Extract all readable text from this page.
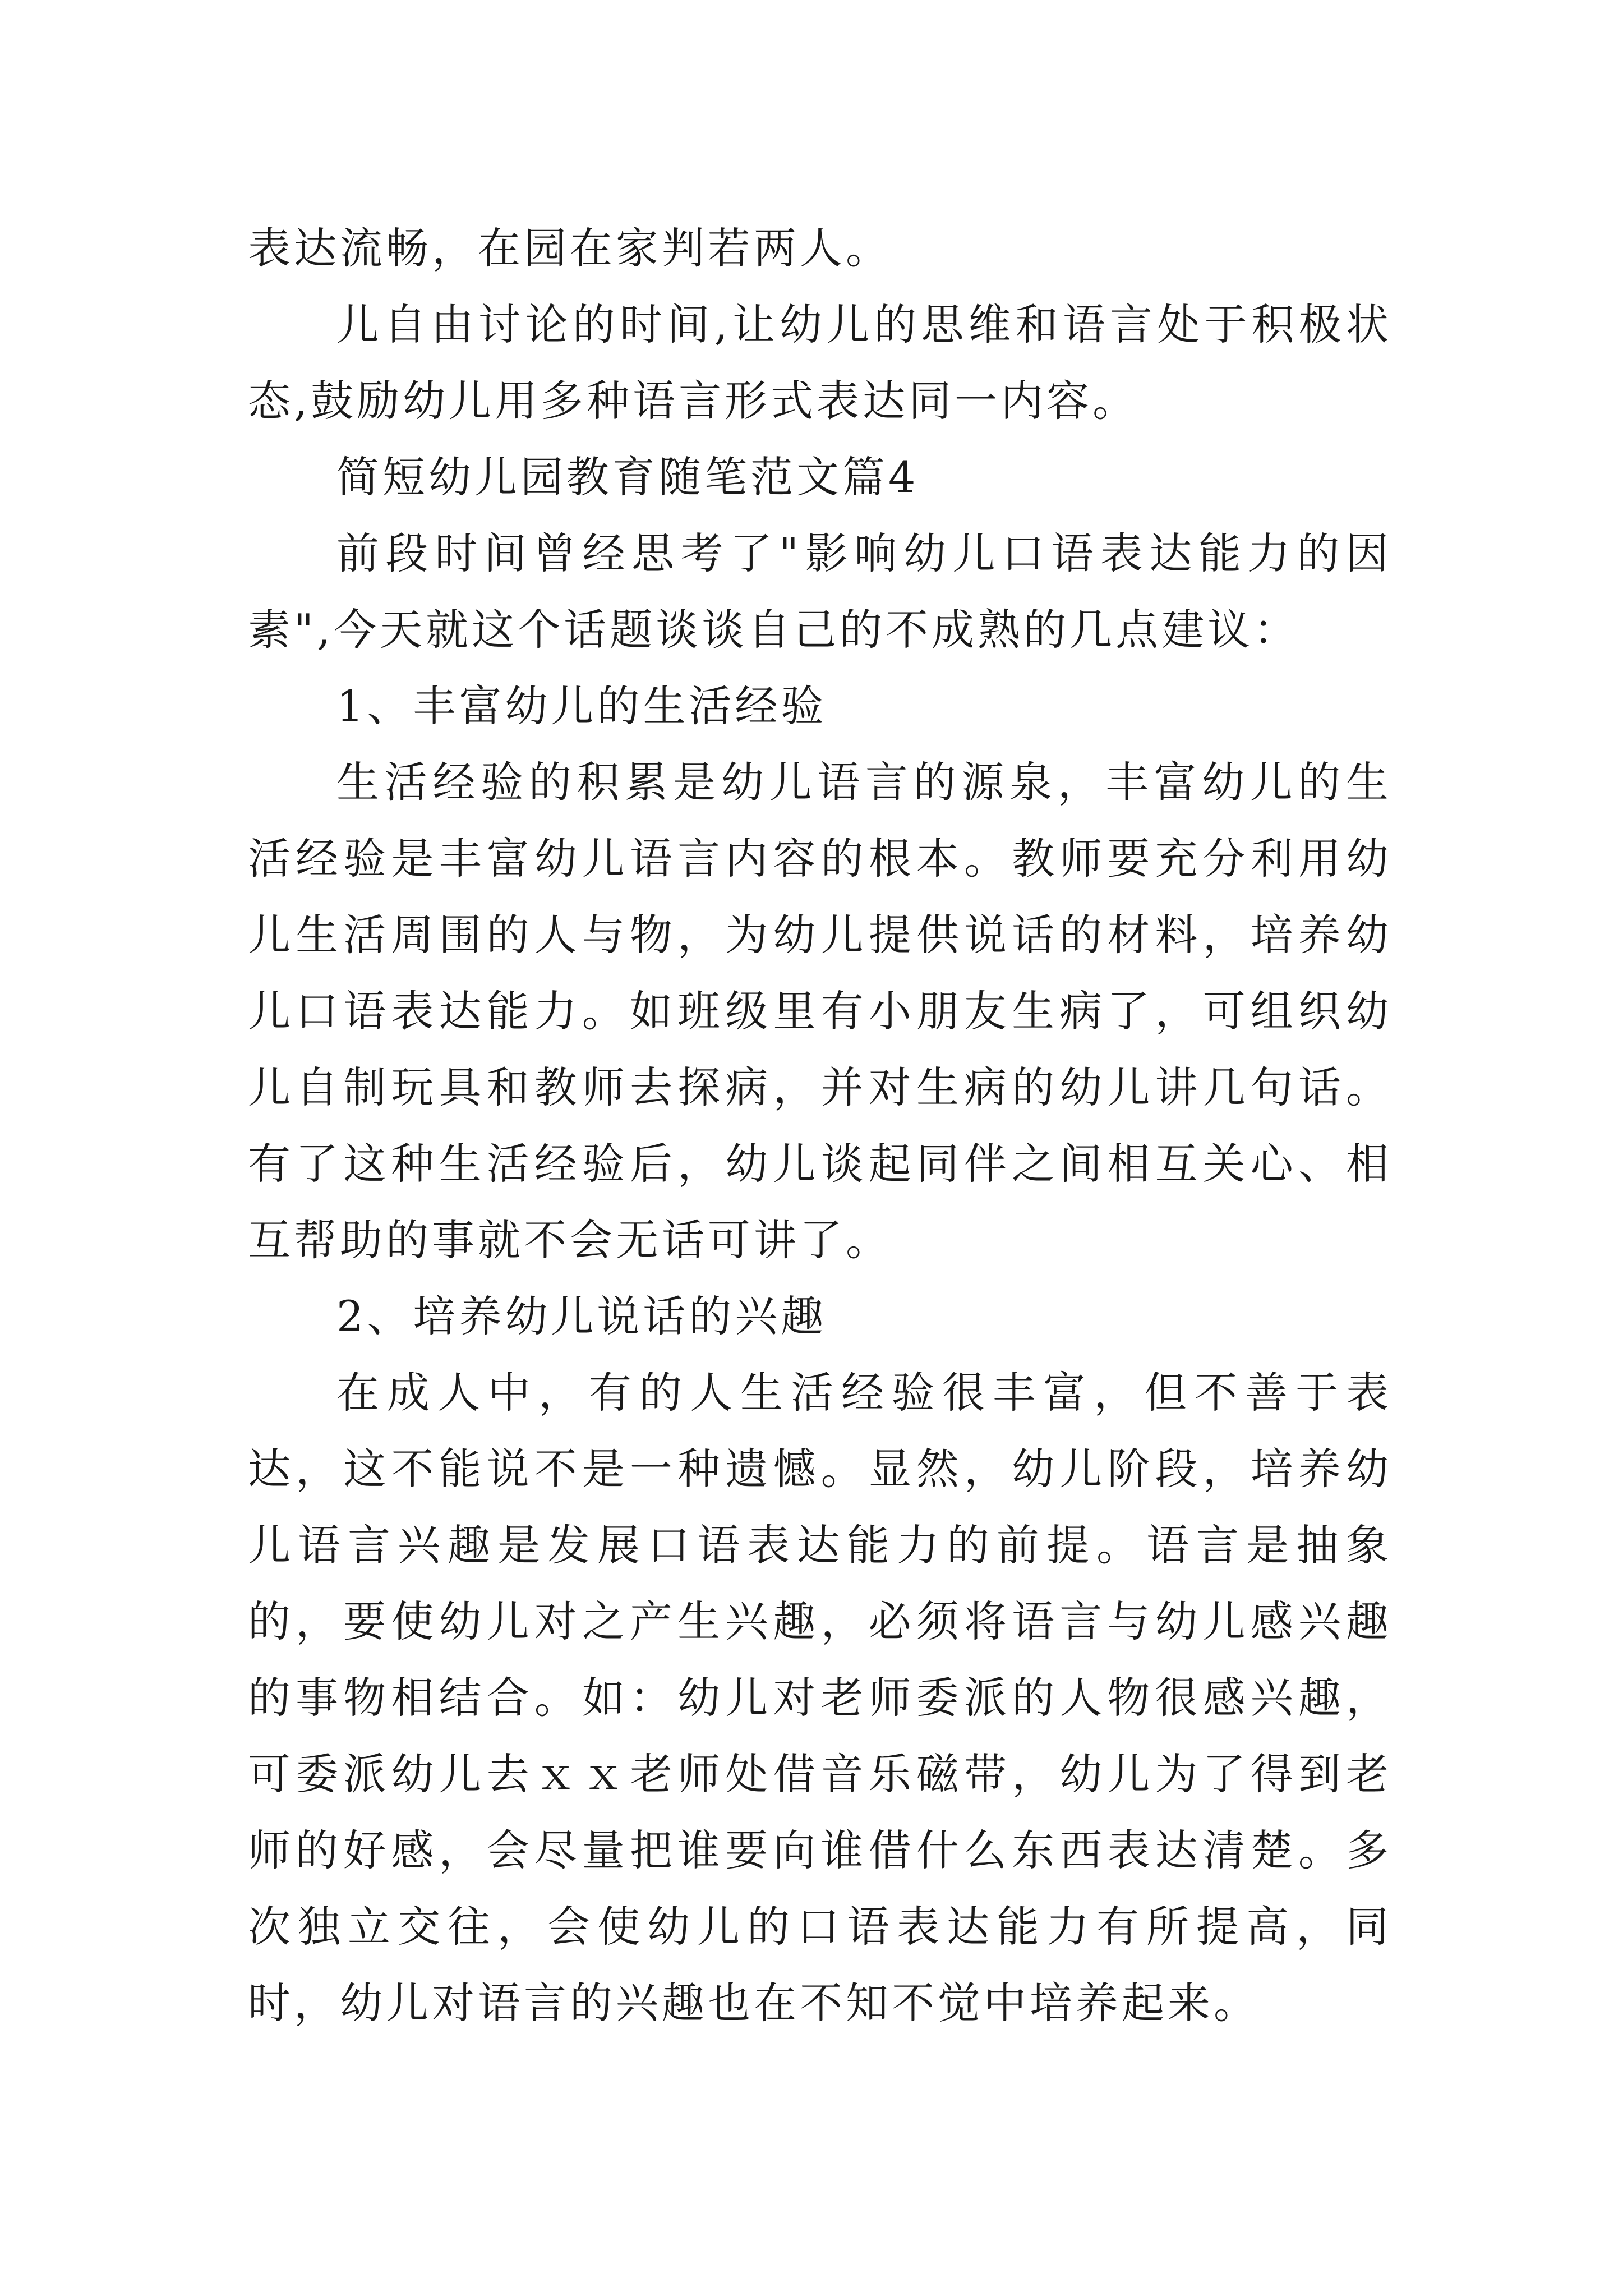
表达流畅，在园在家判若两人。

儿自由讨论的时间,让幼儿的思维和语言处于积极状态,鼓励幼儿用多种语言形式表达同一内容。

简短幼儿园教育随笔范文篇4

前段时间曾经思考了"影响幼儿口语表达能力的因素",今天就这个话题谈谈自己的不成熟的几点建议：

1、丰富幼儿的生活经验

生活经验的积累是幼儿语言的源泉，丰富幼儿的生活经验是丰富幼儿语言内容的根本。教师要充分利用幼儿生活周围的人与物，为幼儿提供说话的材料，培养幼儿口语表达能力。如班级里有小朋友生病了，可组织幼儿自制玩具和教师去探病，并对生病的幼儿讲几句话。有了这种生活经验后，幼儿谈起同伴之间相互关心、相互帮助的事就不会无话可讲了。

2、培养幼儿说话的兴趣

在成人中，有的人生活经验很丰富，但不善于表达，这不能说不是一种遗憾。显然，幼儿阶段，培养幼儿语言兴趣是发展口语表达能力的前提。语言是抽象的，要使幼儿对之产生兴趣，必须将语言与幼儿感兴趣的事物相结合。如：幼儿对老师委派的人物很感兴趣，可委派幼儿去ｘｘ老师处借音乐磁带，幼儿为了得到老师的好感，会尽量把谁要向谁借什么东西表达清楚。多次独立交往，会使幼儿的口语表达能力有所提高，同时，幼儿对语言的兴趣也在不知不觉中培养起来。
